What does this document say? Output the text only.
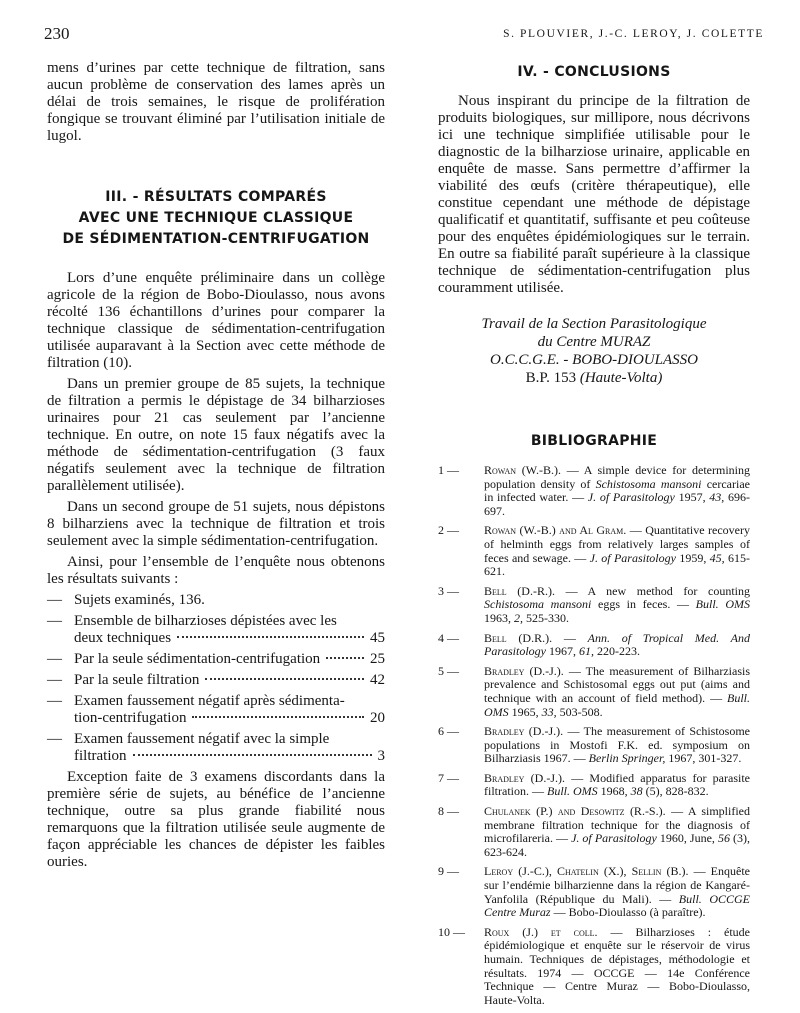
230	S. PLOUVIER, J.-C. LEROY, J. COLETTE

mens d’urines par cette technique de filtration, sans aucun problème de conservation des lames après un délai de trois semaines, le risque de prolifération fongique se trouvant éliminé par l’utilisation initiale de lugol.

III. - RÉSULTATS COMPARÉS
AVEC UNE TECHNIQUE CLASSIQUE
DE SÉDIMENTATION-CENTRIFUGATION

Lors d’une enquête préliminaire dans un collège agricole de la région de Bobo-Dioulasso, nous avons récolté 136 échantillons d’urines pour comparer la technique classique de sédimentation-centrifugation utilisée auparavant à la Section avec cette méthode de filtration (10).

Dans un premier groupe de 85 sujets, la technique de filtration a permis le dépistage de 34 bilharzioses urinaires pour 21 cas seulement par l’ancienne technique. En outre, on note 15 faux négatifs avec la méthode de sédimentation-centrifugation (3 faux négatifs seulement avec la technique de filtration parallèlement utilisée).

Dans un second groupe de 51 sujets, nous dépistons 8 bilharziens avec la technique de filtration et trois seulement avec la simple sédimentation-centrifugation.

Ainsi, pour l’ensemble de l’enquête nous obtenons les résultats suivants :

— Sujets examinés, 136.
— Ensemble de bilharzioses dépistées avec les
deux techniques	45
— Par la seule sédimentation-centrifugation	25
— Par la seule filtration	42
— Examen faussement négatif après sédimenta-
tion-centrifugation	20
— Examen faussement négatif avec la simple
filtration	3

Exception faite de 3 examens discordants dans la première série de sujets, au bénéfice de l’ancienne technique, outre sa plus grande fiabilité nous remarquons que la filtration utilisée seule augmente de façon appréciable les chances de dépister les faibles ouries.

IV. - CONCLUSIONS

Nous inspirant du principe de la filtration de produits biologiques, sur millipore, nous décrivons ici une technique simplifiée utilisable pour le diagnostic de la bilharziose urinaire, applicable en enquête de masse. Sans permettre d’affirmer la viabilité des œufs (critère thérapeutique), elle constitue cependant une méthode de dépistage qualificatif et quantitatif, suffisante et peu coûteuse pour des enquêtes épidémiologiques sur le terrain. En outre sa fiabilité paraît supérieure à la classique technique de sédimentation-centrifugation plus couramment utilisée.

Travail de la Section Parasitologique
du Centre MURAZ
O.C.C.G.E. - BOBO-DIOULASSO
B.P. 153 (Haute-Volta)
BIBLIOGRAPHIE
1 —	Rowan (W.-B.). — A simple device for determining population density of Schistosoma mansoni cercariae in infected water. — J. of Parasitology 1957, 43, 696-697.
2 —	Rowan (W.-B.) and Al Gram. — Quantitative recovery of helminth eggs from relatively larges samples of feces and sewage. — J. of Parasitology 1959, 45, 615-621.
3 —	Bell (D.-R.). — A new method for counting Schistosoma mansoni eggs in feces. — Bull. OMS 1963, 2, 525-330.
4 —	Bell (D.R.). — Ann. of Tropical Med. And Parasitology 1967, 61, 220-223.
5 —	Bradley (D.-J.). — The measurement of Bilharziasis prevalence and Schistosomal eggs out put (aims and technique with an account of field method). — Bull. OMS 1965, 33, 503-508.
6 —	Bradley (D.-J.). — The measurement of Schistosome populations in Mostofi F.K. ed. symposium on Bilharziasis 1967. — Berlin Springer, 1967, 301-327.
7 —	Bradley (D.-J.). — Modified apparatus for parasite filtration. — Bull. OMS 1968, 38 (5), 828-832.
8 —	Chulanek (P.) and Desowitz (R.-S.). — A simplified membrane filtration technique for the diagnosis of microfilareria. — J. of Parasitology 1960, June, 56 (3), 623-624.
9 —	Leroy (J.-C.), Chatelin (X.), Sellin (B.). — Enquête sur l’endémie bilharzienne dans la région de Kangaré-Yanfolila (République du Mali). — Bull. OCCGE Centre Muraz — Bobo-Dioulasso (à paraître).
10 — Roux (J.) et coll. — Bilharzioses : étude épidémiologique et enquête sur le réservoir de virus humain. Techniques de dépistages, méthodologie et résultats. 1974 — OCCGE — 14e Conférence Technique — Centre Muraz — Bobo-Dioulasso, Haute-Volta.
